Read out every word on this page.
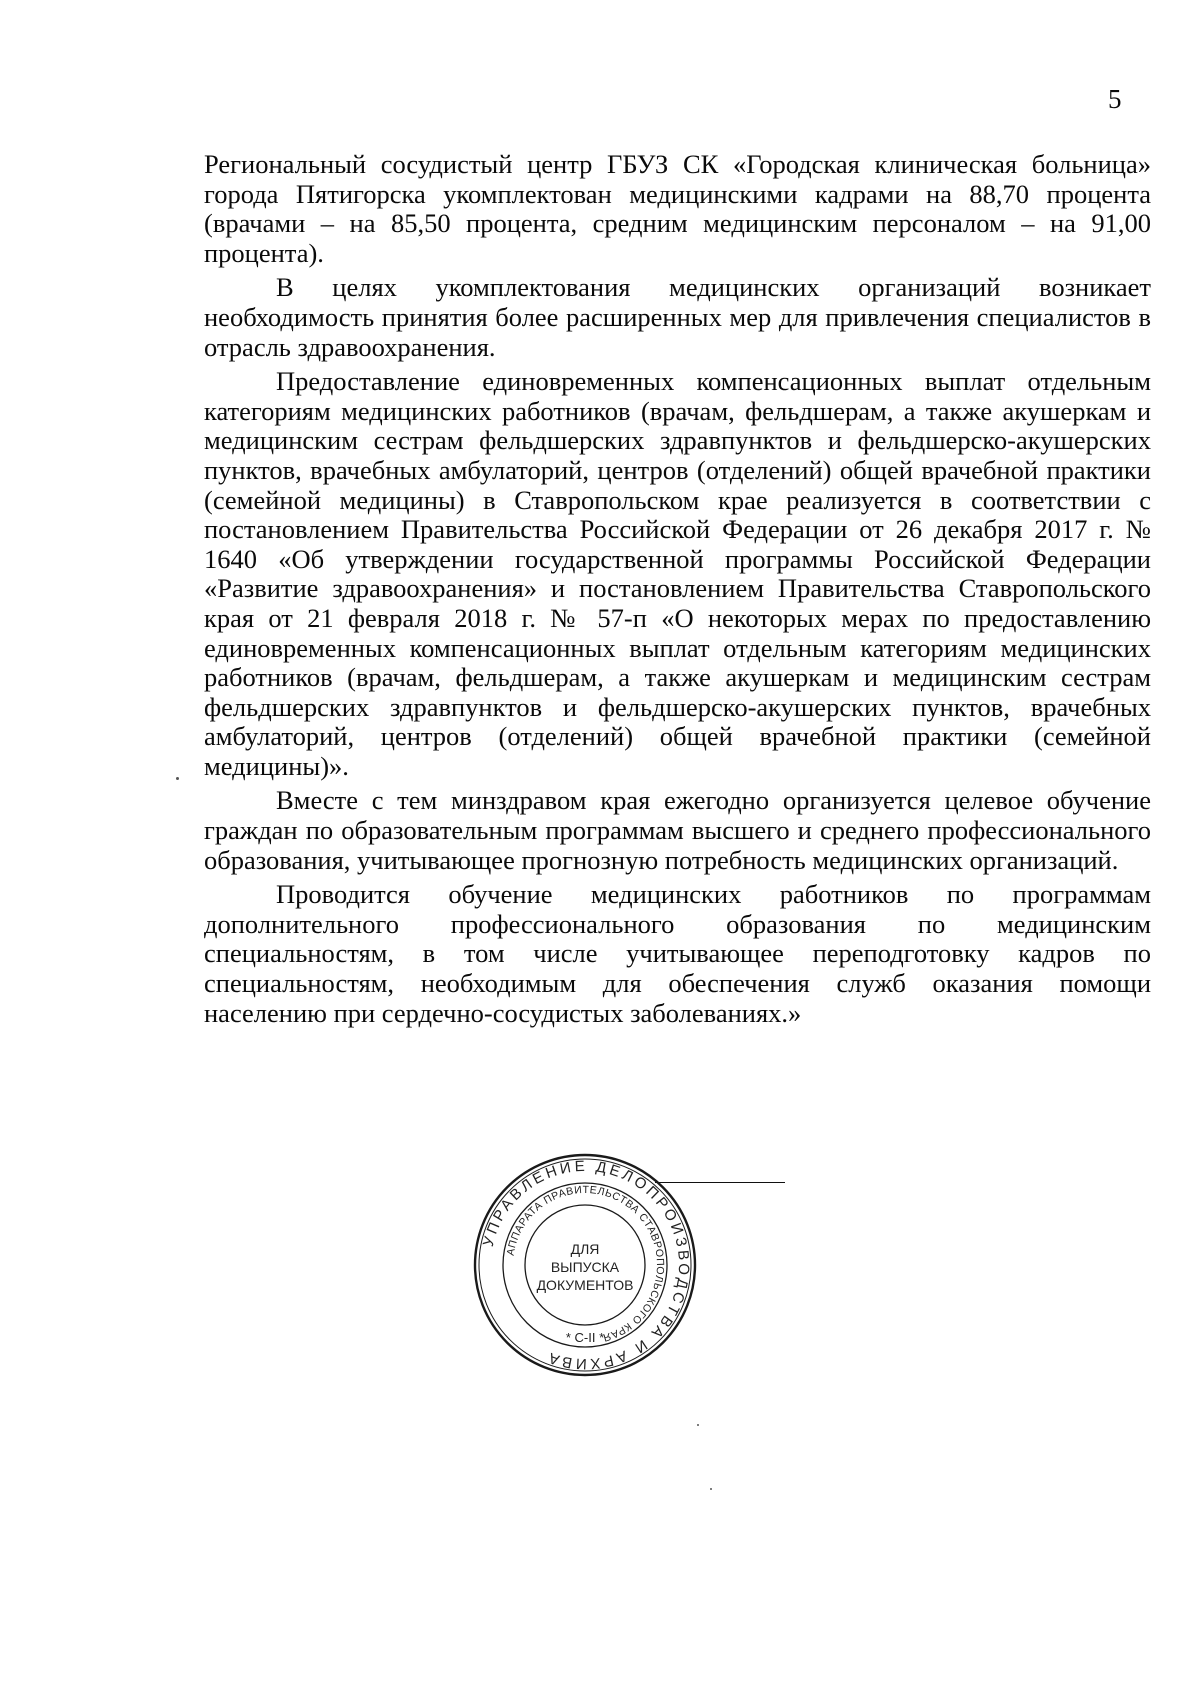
5

Региональный сосудистый центр ГБУЗ СК «Городская клиническая больница» города Пятигорска укомплектован медицинскими кадрами на 88,70 процента (врачами – на 85,50 процента, средним медицинским персоналом – на 91,00 процента).

В целях укомплектования медицинских организаций возникает необходимость принятия более расширенных мер для привлечения специалистов в отрасль здравоохранения.

Предоставление единовременных компенсационных выплат отдельным категориям медицинских работников (врачам, фельдшерам, а также акушеркам и медицинским сестрам фельдшерских здравпунктов и фельдшерско-акушерских пунктов, врачебных амбулаторий, центров (отделений) общей врачебной практики (семейной медицины) в Ставропольском крае реализуется в соответствии с постановлением Правительства Российской Федерации от 26 декабря 2017 г. № 1640 «Об утверждении государственной программы Российской Федерации «Развитие здравоохранения» и постановлением Правительства Ставропольского края от 21 февраля 2018 г. № 57-п «О некоторых мерах по предоставлению единовременных компенсационных выплат отдельным категориям медицинских работников (врачам, фельдшерам, а также акушеркам и медицинским сестрам фельдшерских здравпунктов и фельдшерско-акушерских пунктов, врачебных амбулаторий, центров (отделений) общей врачебной практики (семейной медицины)».

Вместе с тем минздравом края ежегодно организуется целевое обучение граждан по образовательным программам высшего и среднего профессионального образования, учитывающее прогнозную потребность медицинских организаций.

Проводится обучение медицинских работников по программам дополнительного профессионального образования по медицинским специальностям, в том числе учитывающее переподготовку кадров по специальностям, необходимым для обеспечения служб оказания помощи населению при сердечно-сосудистых заболеваниях.»

УПРАВЛЕНИЕ ДЕЛОПРОИЗВОДСТВА И АРХИВА
АППАРАТА ПРАВИТЕЛЬСТВА СТАВРОПОЛЬСКОГО КРАЯ
ДЛЯ
ВЫПУСКА
ДОКУМЕНТОВ
* С-II *
